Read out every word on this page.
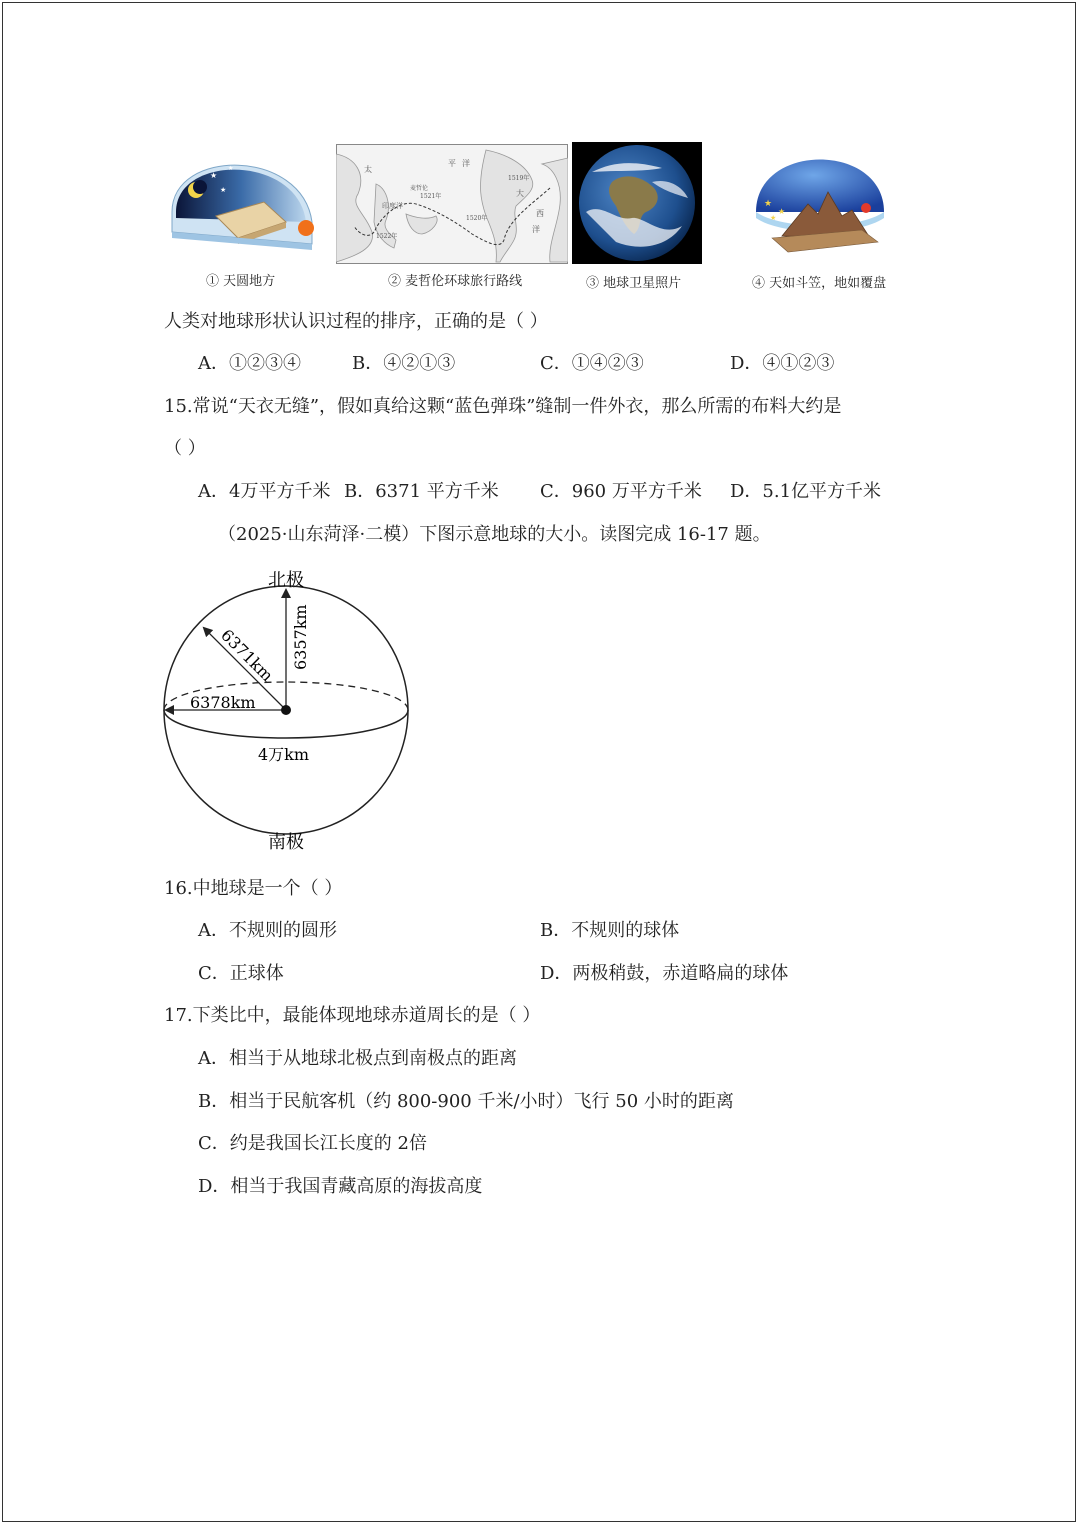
★
★
★
★
① 天圆地方
太
平 洋
大
西
洋
印度洋
1522年
1520年
1521年
1519年
麦哲伦
② 麦哲伦环球旅行路线	③ 地球卫星照片
★
★
★
④ 天如斗笠，地如覆盘
人类对地球形状认识过程的排序，正确的是（ ）
A．①②③④	B．④②①③	C．①④②③	D．④①②③
15.常说“天衣无缝”，假如真给这颗“蓝色弹珠”缝制一件外衣，那么所需的布料大约是
（ ）
A．4万平方千米 B．6371 平方千米 C．960 万平方千米 D．5.1亿平方千米
（2025·山东菏泽·二模）下图示意地球的大小。读图完成 16-17 题。
北极
南极
6357km
6371km
6378km
4万km
16.中地球是一个（ ）
A．不规则的圆形	B．不规则的球体
C．正球体	D．两极稍鼓，赤道略扁的球体
17.下类比中，最能体现地球赤道周长的是（ ）
A．相当于从地球北极点到南极点的距离
B．相当于民航客机（约 800-900 千米/小时）飞行 50 小时的距离
C．约是我国长江长度的 2倍
D．相当于我国青藏高原的海拔高度
